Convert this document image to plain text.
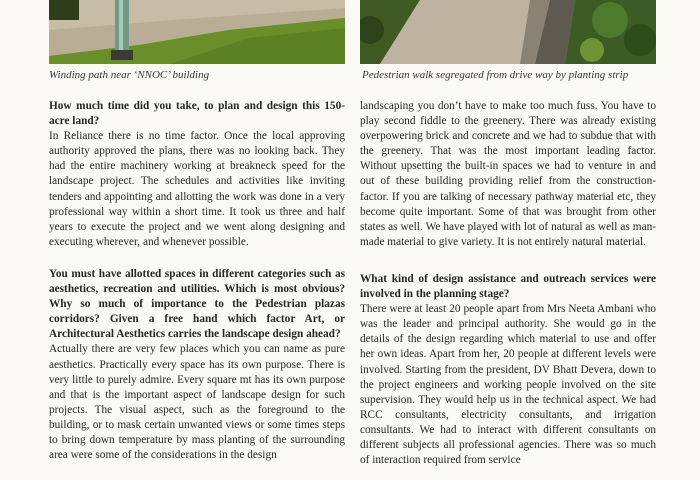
Winding path near ‘NNOC’ building	Pedestrian walk segregated from drive way by planting strip

How much time did you take, to plan and design this 150-acre land?

In Reliance there is no time factor. Once the local approving authority approved the plans, there was no looking back. They had the entire machinery working at breakneck speed for the landscape project. The schedules and activities like inviting tenders and appointing and allotting the work was done in a very professional way within a short time. It took us three and half years to execute the project and we went along designing and executing wherever, and whenever possible.

You must have allotted spaces in different categories such as aesthetics, recreation and utilities. Which is most obvious? Why so much of importance to the Pedestrian plazas corridors? Given a free hand which factor Art, or Architectural Aesthetics carries the landscape design ahead?

Actually there are very few places which you can name as pure aesthetics. Practically every space has its own purpose. There is very little to purely admire. Every square mt has its own purpose and that is the important aspect of landscape design for such projects. The visual aspect, such as the foreground to the building, or to mask certain unwanted views or some times steps to bring down temperature by mass planting of the surrounding area were some of the considerations in the design

landscaping you don’t have to make too much fuss. You have to play second fiddle to the greenery. There was already existing overpowering brick and concrete and we had to subdue that with the greenery. That was the most important leading factor. Without upsetting the built-in spaces we had to venture in and out of these building providing relief from the construction-factor. If you are talking of necessary pathway material etc, they become quite important. Some of that was brought from other states as well. We have played with lot of natural as well as man-made material to give variety. It is not entirely natural material.

What kind of design assistance and outreach services were involved in the planning stage?

There were at least 20 people apart from Mrs Neeta Ambani who was the leader and principal authority. She would go in the details of the design regarding which material to use and offer her own ideas. Apart from her, 20 people at different levels were involved. Starting from the president, DV Bhatt Devera, down to the project engineers and working people involved on the site supervision. They would help us in the technical aspect. We had RCC consultants, electricity consultants, and irrigation consultants. We had to interact with different consultants on different subjects all professional agencies. There was so much of interaction required from service
